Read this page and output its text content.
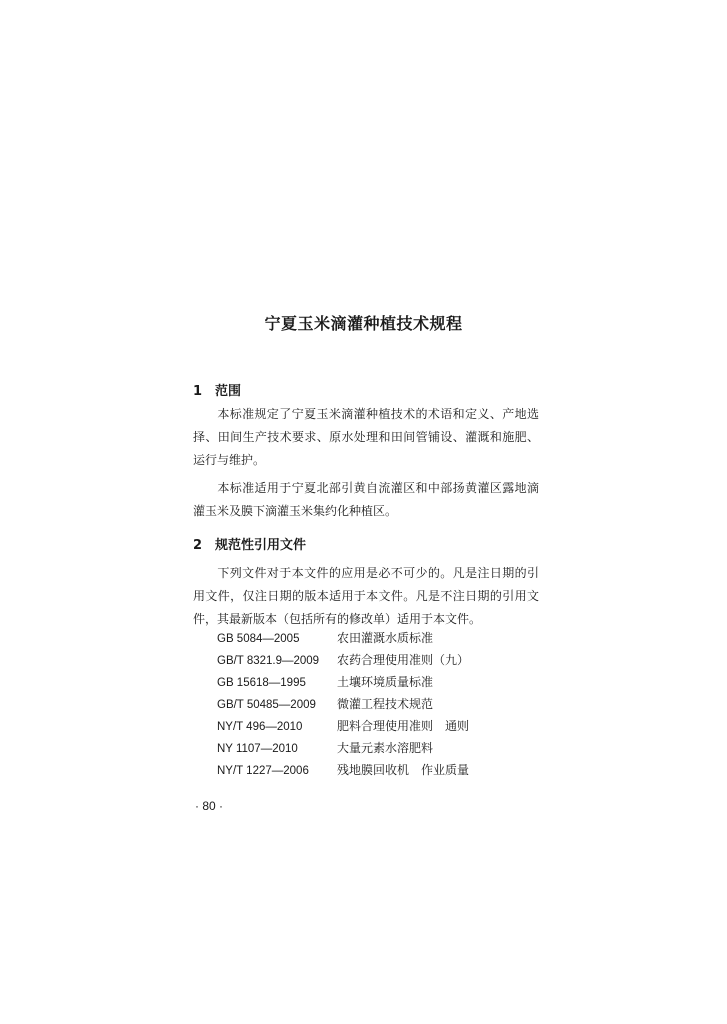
宁夏玉米滴灌种植技术规程
1 范围

本标准规定了宁夏玉米滴灌种植技术的术语和定义、产地选择、田间生产技术要求、原水处理和田间管铺设、灌溉和施肥、运行与维护。

本标准适用于宁夏北部引黄自流灌区和中部扬黄灌区露地滴灌玉米及膜下滴灌玉米集约化种植区。

2 规范性引用文件

下列文件对于本文件的应用是必不可少的。凡是注日期的引用文件，仅注日期的版本适用于本文件。凡是不注日期的引用文件，其最新版本（包括所有的修改单）适用于本文件。

GB 5084—2005	农田灌溉水质标准
GB/T 8321.9—2009 农药合理使用准则（九）
GB 15618—1995	土壤环境质量标准
GB/T 50485—2009 微灌工程技术规范
NY/T 496—2010	肥料合理使用准则　通则
NY 1107—2010	大量元素水溶肥料
NY/T 1227—2006 残地膜回收机　作业质量

· 80 ·
